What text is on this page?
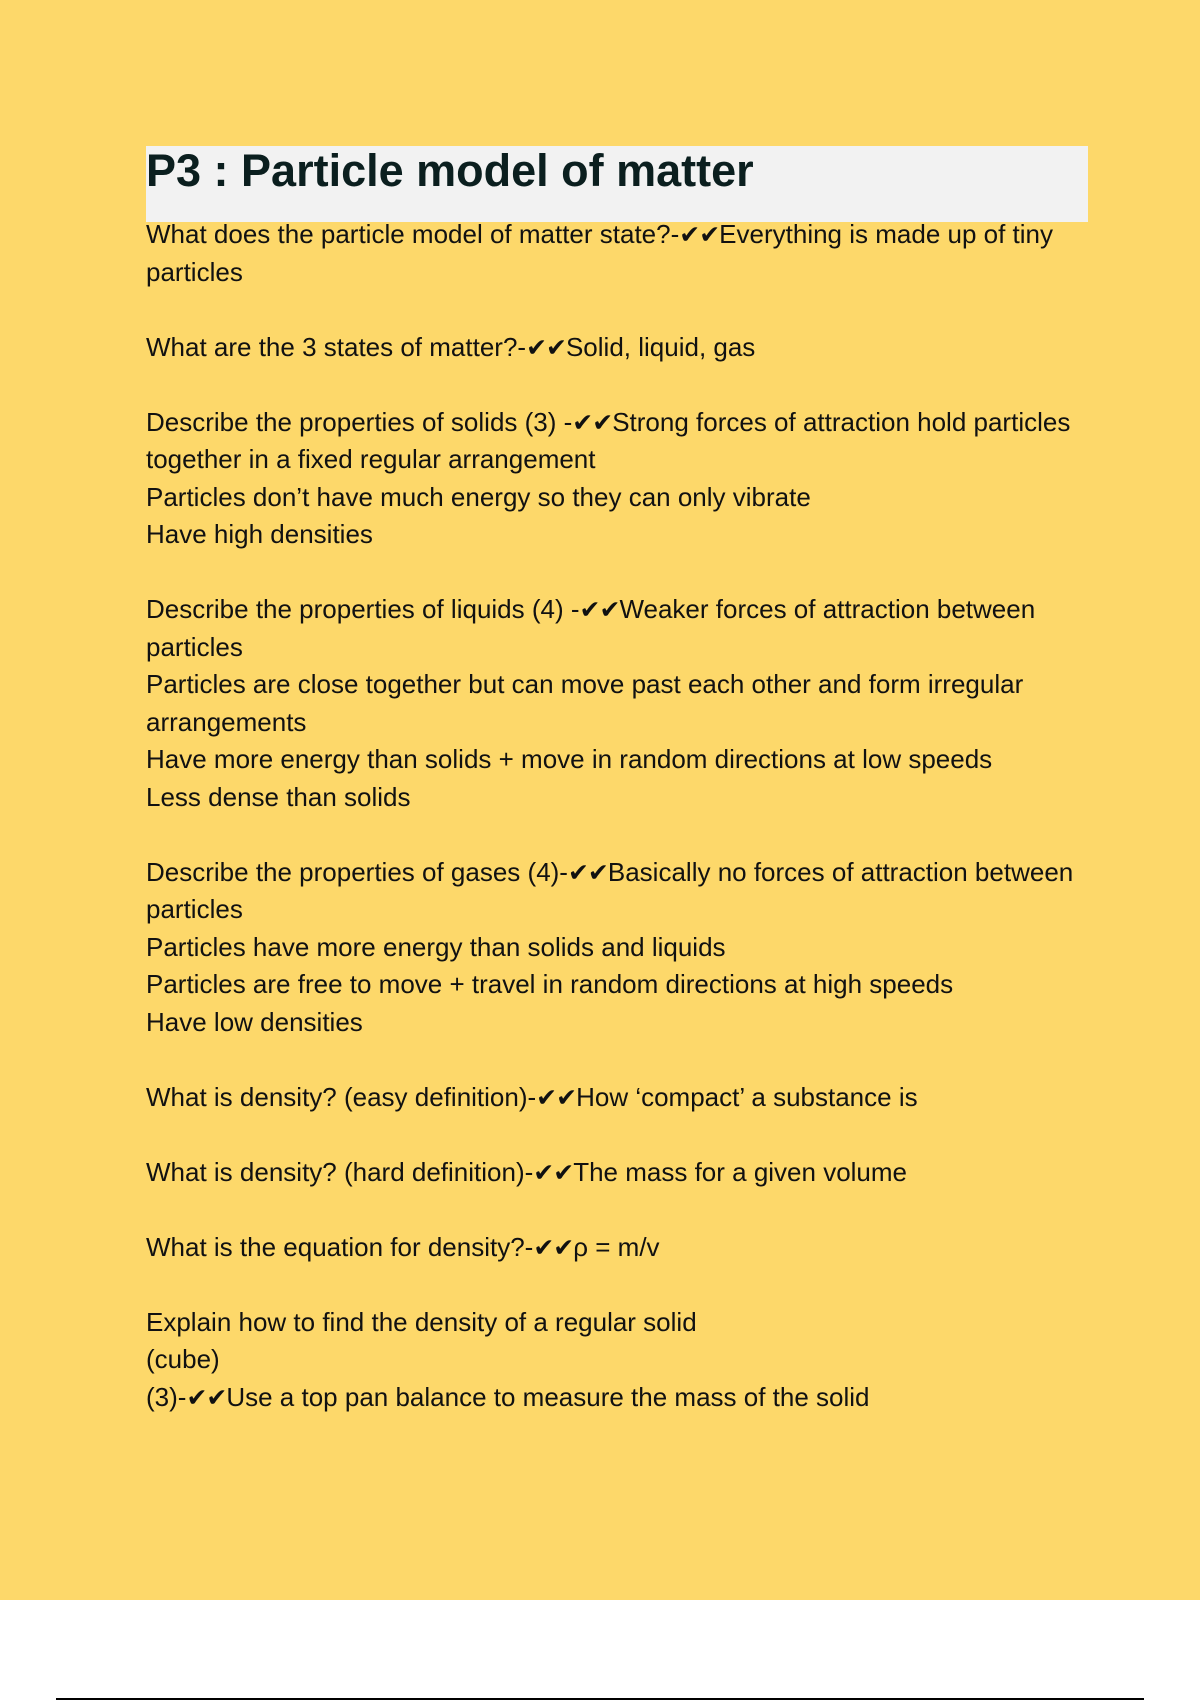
P3 : Particle model of matter

What does the particle model of matter state?-✔✔Everything is made up of tiny particles

What are the 3 states of matter?-✔✔Solid, liquid, gas

Describe the properties of solids (3) -✔✔Strong forces of attraction hold particles together in a fixed regular arrangement

Particles don’t have much energy so they can only vibrate

Have high densities

Describe the properties of liquids (4) -✔✔Weaker forces of attraction between particles

Particles are close together but can move past each other and form irregular arrangements

Have more energy than solids + move in random directions at low speeds

Less dense than solids

Describe the properties of gases (4)-✔✔Basically no forces of attraction between particles

Particles have more energy than solids and liquids

Particles are free to move + travel in random directions at high speeds

Have low densities

What is density? (easy definition)-✔✔How ‘compact’ a substance is

What is density? (hard definition)-✔✔The mass for a given volume

What is the equation for density?-✔✔ρ = m/v

Explain how to find the density of a regular solid

(cube)

(3)-✔✔Use a top pan balance to measure the mass of the solid
